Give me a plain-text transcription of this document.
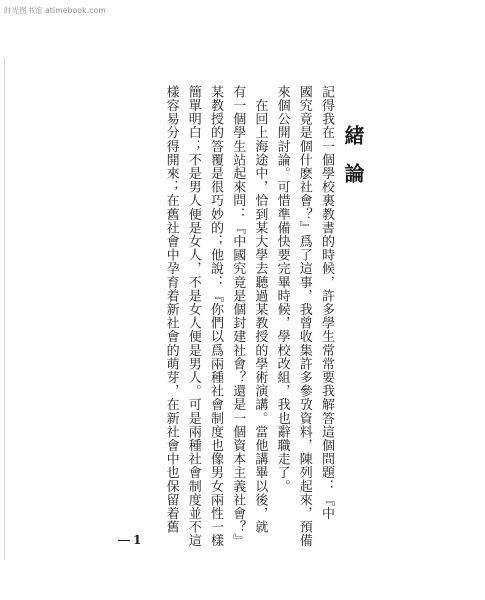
时光图书馆 atimebook.com
緒論
記得我在一個學校裏教書的時候，許多學生常常要我解答這個問題：『中
國究竟是個什麽社會？』爲了這事，我曾收集許多參攷資料，陳列起來，預備
來個公開討論。可惜準備快要完畢時候，學校改組，我也辭職走了。
　在回上海途中，恰到某大學去聽過某教授的學術演講。當他講畢以後，就
有一個學生站起來問：『中國究竟是個封建社會？還是一個資本主義社會？』
某教授的答覆是很巧妙的；他說：『你們以爲兩種社會制度也像男女兩性一樣
簡單明白；不是男人便是女人，不是女人便是男人。可是兩種社會制度並不這
樣容易分得開來；在舊社會中孕育着新社會的萌芽，在新社會中也保留着舊
1
